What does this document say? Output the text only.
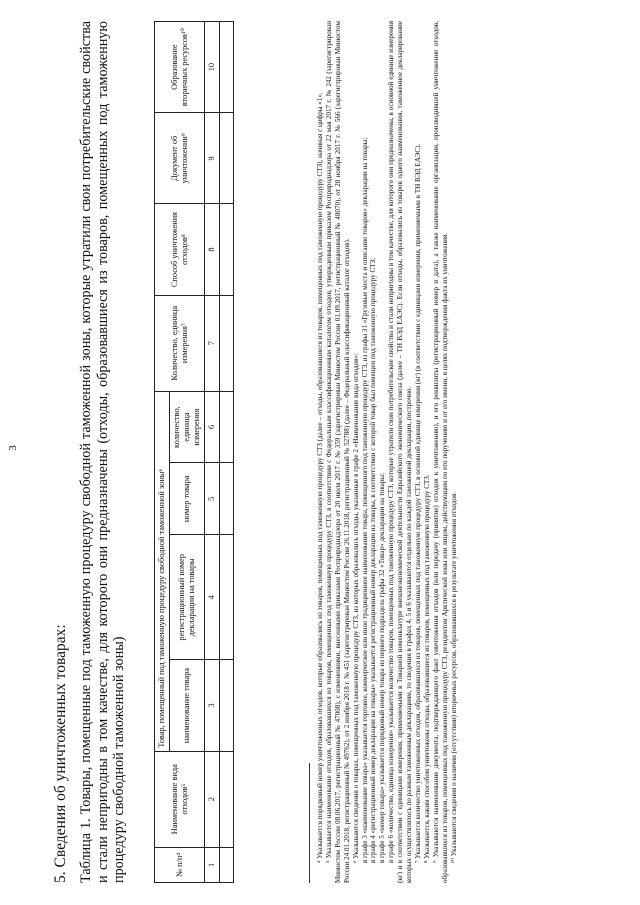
3
5. Сведения об уничтоженных товарах: Таблица 1. Товары, помещенные под таможенную процедуру свободной таможенной зоны, которые утратили свои потребительские свойства и стали непригодны в том качестве, для которого они предназначены (отходы, образовавшиеся из товаров, помещенных под таможенную процедуру свободной таможенной зоны)	№ п/п⁴	Наименование вида отходов⁵	Товар, помещенный под таможенную процедуру свободной таможенной зоны⁶				Количество, единица измерения⁷	Способ уничтожения отходов⁸	Документ об уничтожении⁹	Образование вторичных ресурсов¹⁰
		наименование товара	регистрационный номер декларации на товары	номер товара	количество, единица измерения				
1	2	3	4	5	6	7	8	9	10

⁴ Указывается порядковый номер уничтоженных отходов, которые образовались из товаров, помещенных под таможенную процедуру СТЗ (далее – отходы, образовавшиеся из товаров, помещенных под таможенную процедуру СТЗ), начиная с цифры «1». ⁵ Указывается наименование отходов, образовавшихся из товаров, помещенных под таможенную процедуру СТЗ, в соответствии с Федеральным классификационным каталогом отходов, утвержденным приказом Росприроднадзора от 22 мая 2017 г. № 242 (зарегистрирован Минюстом России 08.06.2017, регистрационный № 47008), с изменениями, внесенными приказами Росприроднадзора от 20 июля 2017 г. № 359 (зарегистрирован Минюстом России 01.09.2017, регистрационный № 48070), от 28 ноября 2017 г. № 566 (зарегистрирован Минюстом России 24.01.2018, регистрационный № 49762), от 2 ноября 2018 г. № 451 (зарегистрирован Минюстом России 26.11.2018, регистрационный № 52788) (далее – Федеральный классификационный каталог отходов). ⁶ Указываются сведения о товарах, помещенных под таможенную процедуру СТЗ, из которых образовались отходы, указанные в графе 2 «Наименование вида отходов»: в графе 3 «наименование товара» указывается торговое, коммерческое или иное традиционное наименование товара, помещенного под таможенную процедуру СТЗ, из графы 31 «Грузовые места и описание товаров» декларации на товары; в графе 4 «регистрационный номер декларации на товары» указывается регистрационный номер декларации на товары, в соответствии с которой товар был помещен под таможенную процедуру СТЗ; в графе 5 «номер товара» указывается порядковый номер товара из первого подраздела графы 32 «Товар» декларации на товары; в графе 6 «количество, единица измерения» указывается количество товаров, помещенных под таможенную процедуру СТЗ, которые утратили свои потребительские свойства и стали непригодны в том качестве, для которого они предназначены, в основной единице измерения (кг) и в соответствии с единицами измерения, применяемыми в Товарной номенклатуре внешнеэкономической деятельности Евразийского экономического союза (далее – ТН ВЭД ЕАЭС). Если отходы, образовались из товаров одного наименования, таможенное декларирование которых осуществлялось по разным таможенным декларациям, то сведения в графах 4, 5 и 6 указываются отдельно по каждой таможенной декларации, построчно. ⁷ Указывается количество уничтоженных отходов, образовавшихся из товаров, помещенных под таможенную процедуру СТЗ, в основной единице измерения (кг) (в соответствии с единицами измерения, применяемыми в ТН ВЭД ЕАЭС). ⁸ Указывается, каким способом уничтожены отходы, образовавшиеся из товаров, помещенных под таможенную процедуру СТЗ. ⁹ Указываются наименование документа, подтверждающего факт уничтожения отходов (или передачу (принятие) отходов к уничтожению), и его реквизиты (регистрационный номер и дата), а также наименование организации, производившей уничтожение отходов, образовавшихся из товаров, помещенных под таможенную процедуру СТЗ, резидентом Арктической зоны или лицом, действующим по его поручению и от его имени, в целях подтверждения факта их уничтожения. ¹⁰ Указываются сведения о наличии (отсутствии) вторичных ресурсов, образовавшихся в результате уничтожения отходов.
